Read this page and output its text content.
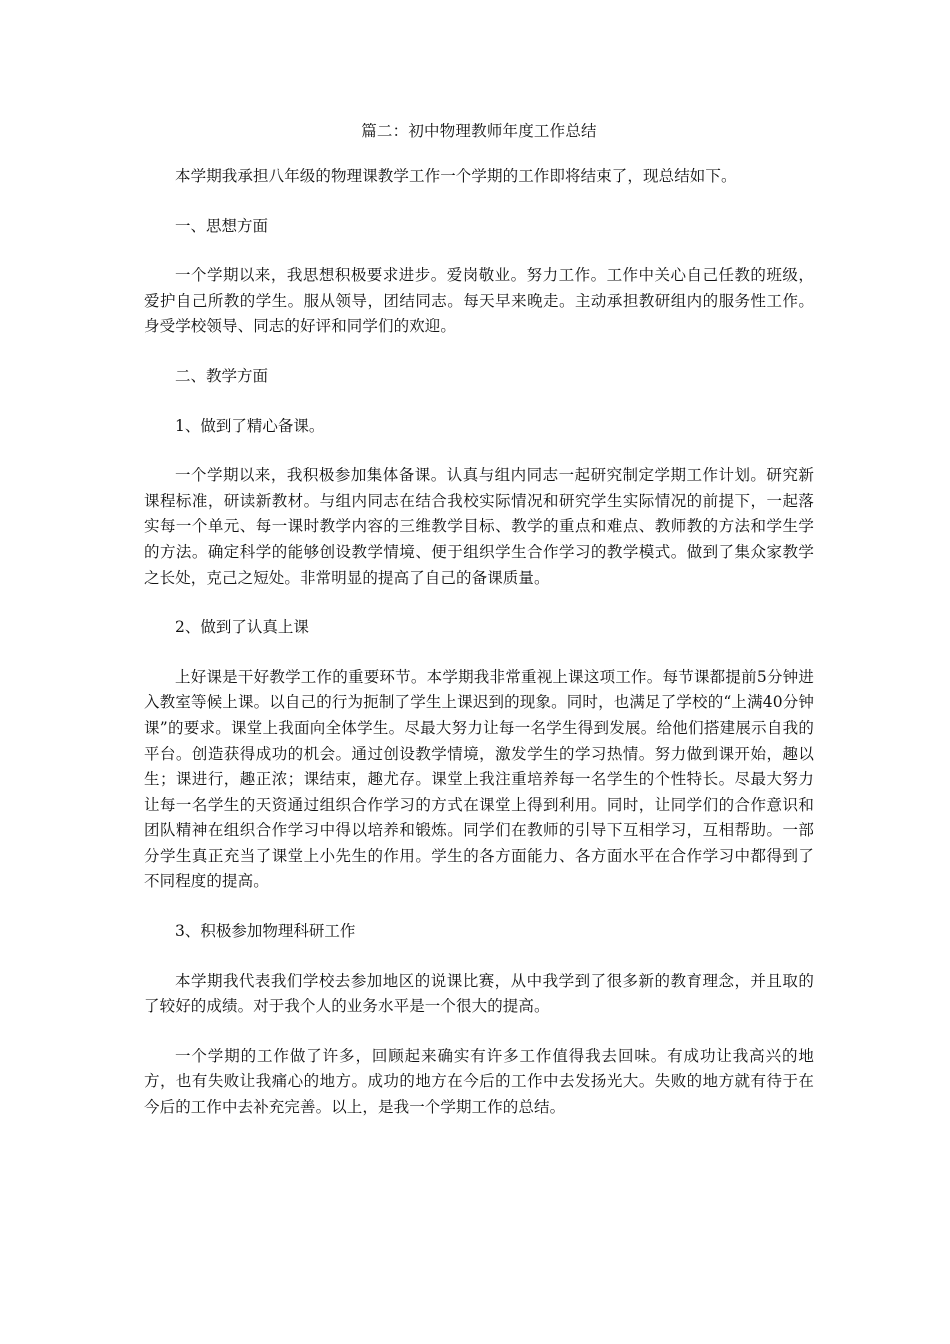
篇二：初中物理教师年度工作总结

本学期我承担八年级的物理课教学工作一个学期的工作即将结束了，现总结如下。

一、思想方面

一个学期以来，我思想积极要求进步。爱岗敬业。努力工作。工作中关心自己任教的班级，爱护自己所教的学生。服从领导，团结同志。每天早来晚走。主动承担教研组内的服务性工作。身受学校领导、同志的好评和同学们的欢迎。

二、教学方面

1、做到了精心备课。

一个学期以来，我积极参加集体备课。认真与组内同志一起研究制定学期工作计划。研究新课程标准，研读新教材。与组内同志在结合我校实际情况和研究学生实际情况的前提下，一起落实每一个单元、每一课时教学内容的三维教学目标、教学的重点和难点、教师教的方法和学生学的方法。确定科学的能够创设教学情境、便于组织学生合作学习的教学模式。做到了集众家教学之长处，克己之短处。非常明显的提高了自己的备课质量。

2、做到了认真上课

上好课是干好教学工作的重要环节。本学期我非常重视上课这项工作。每节课都提前5分钟进入教室等候上课。以自己的行为扼制了学生上课迟到的现象。同时，也满足了学校的“上满40分钟课”的要求。课堂上我面向全体学生。尽最大努力让每一名学生得到发展。给他们搭建展示自我的平台。创造获得成功的机会。通过创设教学情境，激发学生的学习热情。努力做到课开始，趣以生；课进行，趣正浓；课结束，趣尤存。课堂上我注重培养每一名学生的个性特长。尽最大努力让每一名学生的天资通过组织合作学习的方式在课堂上得到利用。同时，让同学们的合作意识和团队精神在组织合作学习中得以培养和锻炼。同学们在教师的引导下互相学习，互相帮助。一部分学生真正充当了课堂上小先生的作用。学生的各方面能力、各方面水平在合作学习中都得到了不同程度的提高。

3、积极参加物理科研工作

本学期我代表我们学校去参加地区的说课比赛，从中我学到了很多新的教育理念，并且取的了较好的成绩。对于我个人的业务水平是一个很大的提高。

一个学期的工作做了许多，回顾起来确实有许多工作值得我去回味。有成功让我高兴的地方，也有失败让我痛心的地方。成功的地方在今后的工作中去发扬光大。失败的地方就有待于在今后的工作中去补充完善。以上，是我一个学期工作的总结。
